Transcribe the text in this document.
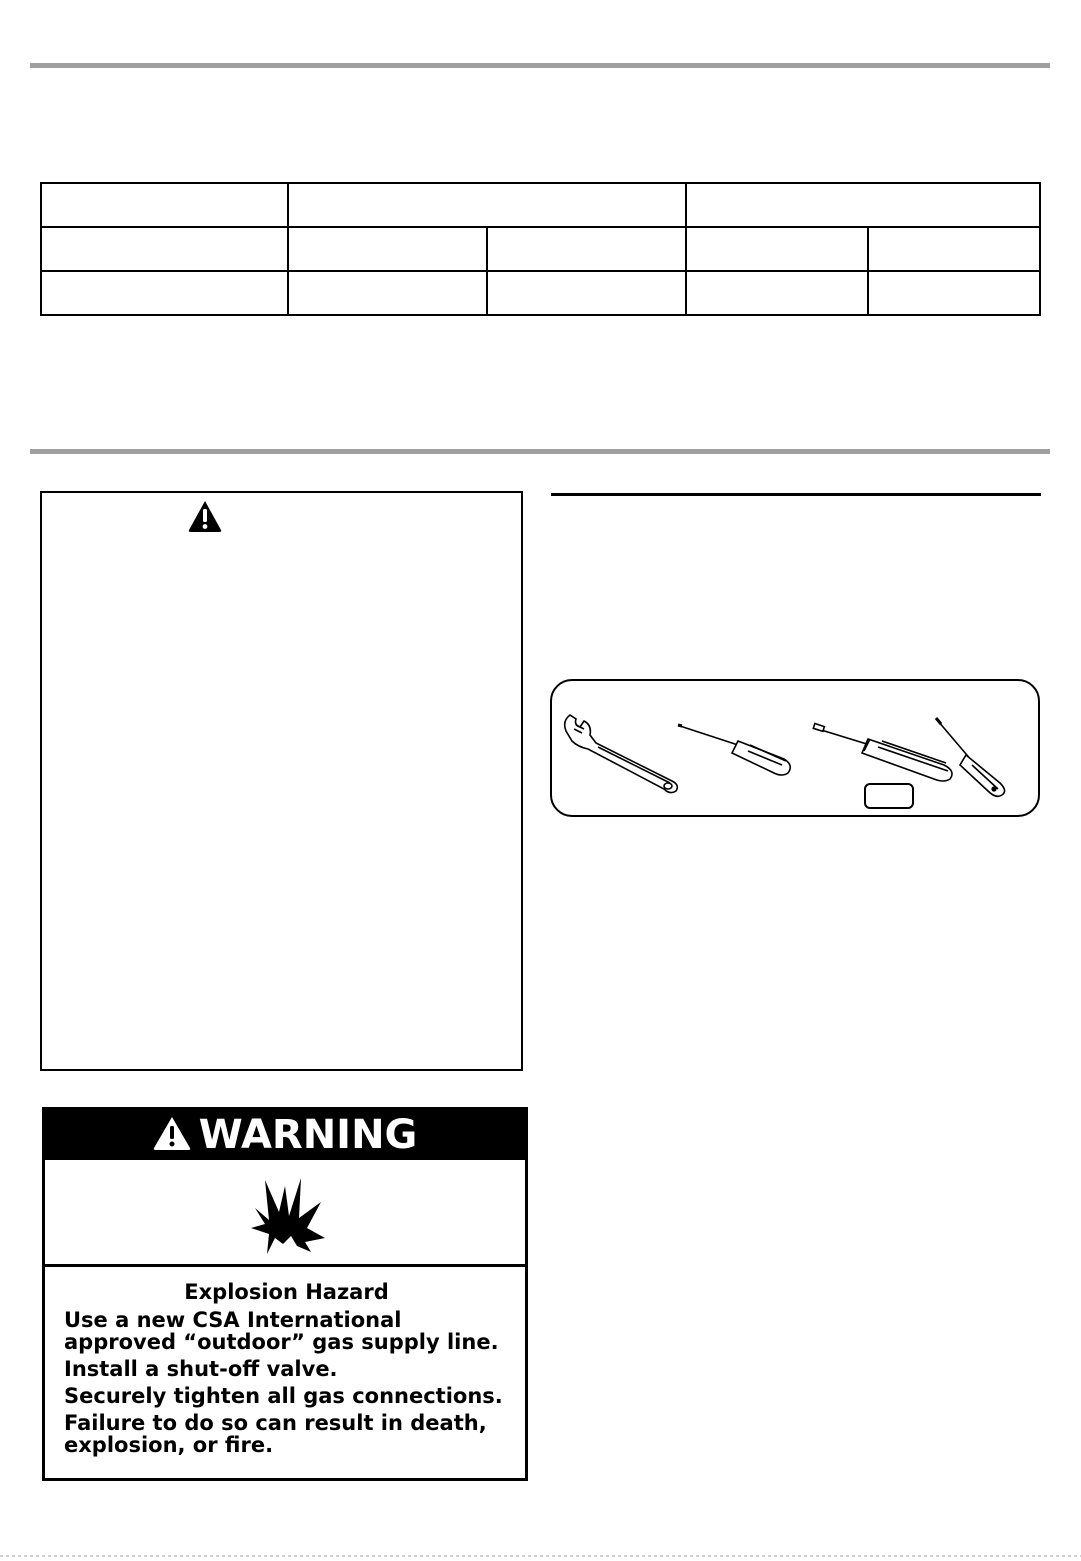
WARNING
Explosion Hazard

Use a new CSA International approved “outdoor” gas supply line.

Install a shut-off valve.

Securely tighten all gas connections.

Failure to do so can result in death, explosion, or fire.
